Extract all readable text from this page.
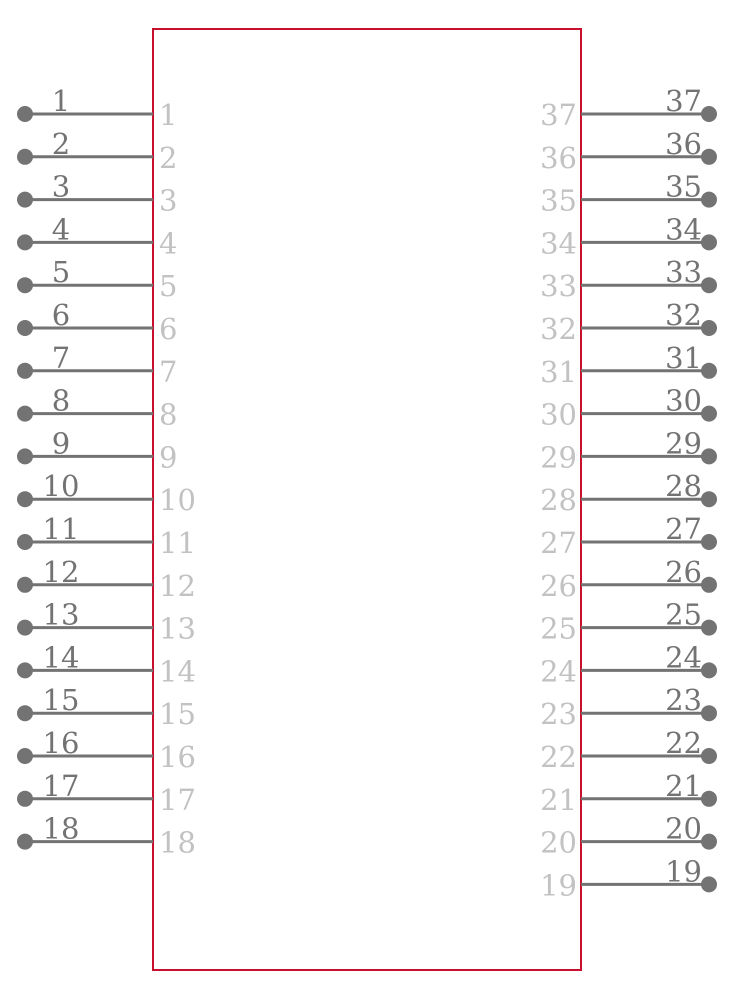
1	1
2	2
3	3
4	4
5	5
6	6
7	7
8	8
9	9
10	10
11	11
12	12
13	13
14	14
15	15
16	16
17	17
18	18
37
37
36
36
35
35
34
34
33
33
32
32
31
31
30
30
29
29
28
28
27
27
26
26
25
25
24
24
23
23
22
22
21
21
20
20
19
19
